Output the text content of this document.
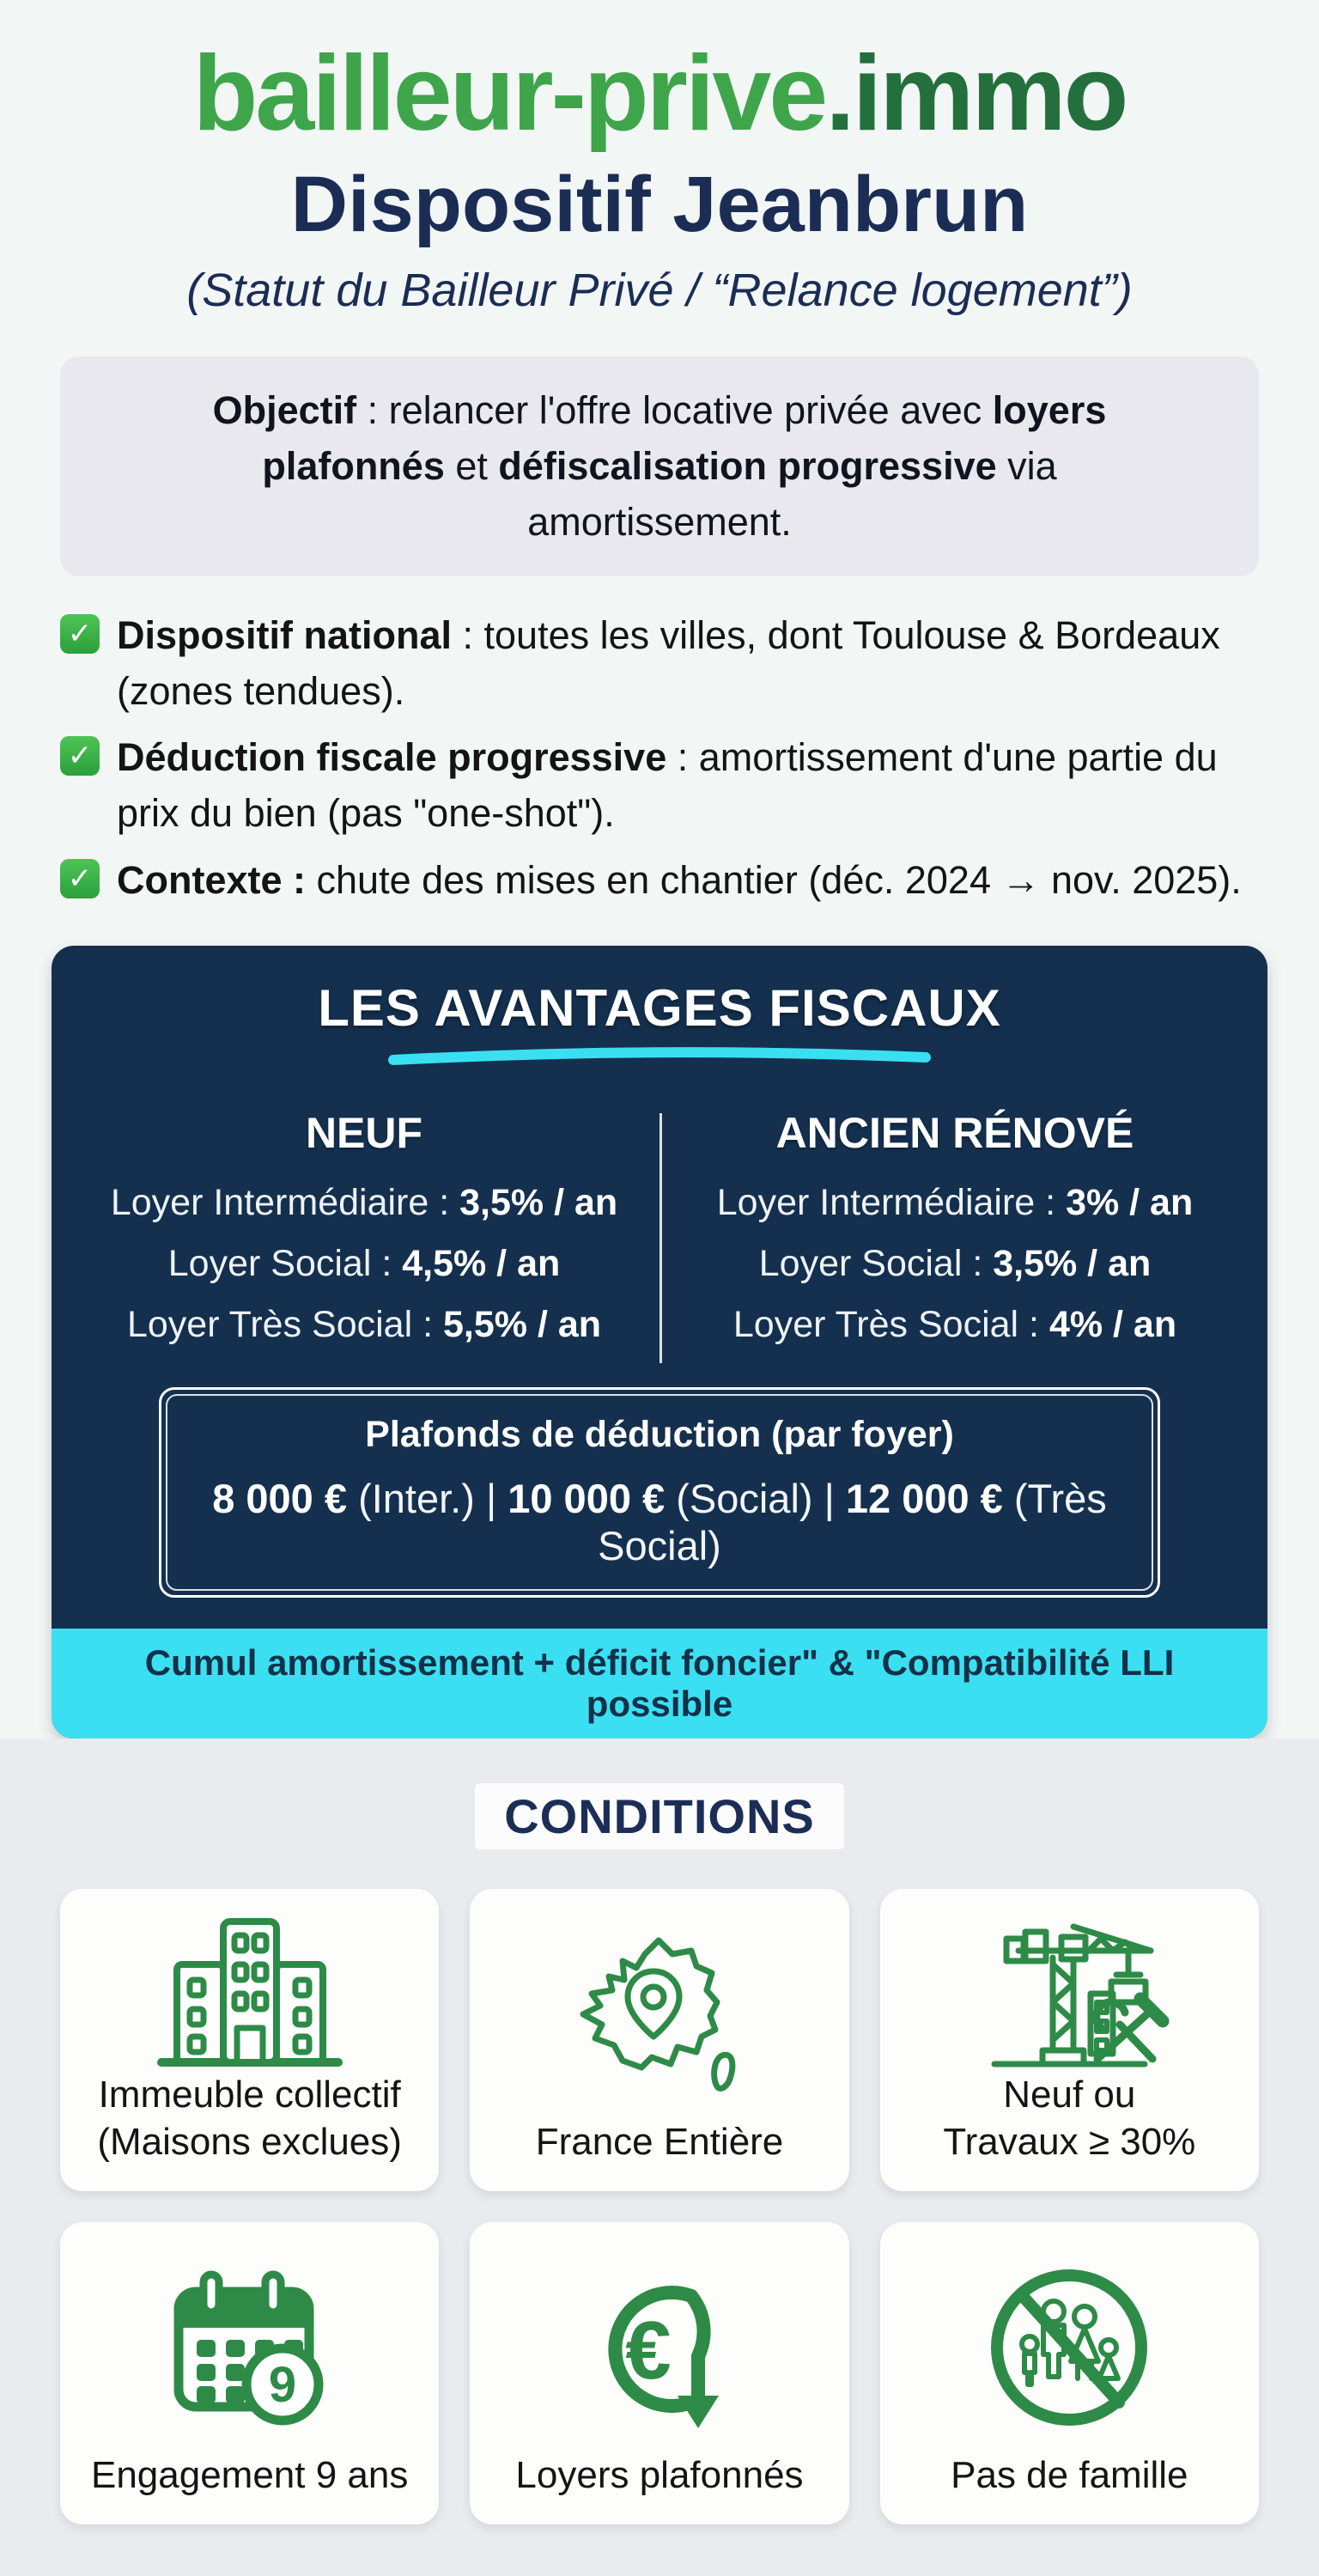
bailleur-prive.immo
Dispositif Jeanbrun
(Statut du Bailleur Privé / “Relance logement”)
Objectif : relancer l'offre locative privée avec loyers plafonnés et défiscalisation progressive via amortissement.
✓ Dispositif national : toutes les villes, dont Toulouse & Bordeaux (zones tendues).
✓ Déduction fiscale progressive : amortissement d'une partie du prix du bien (pas "one-shot").
✓ Contexte : chute des mises en chantier (déc. 2024 → nov. 2025).
LES AVANTAGES FISCAUX
NEUF
Loyer Intermédiaire : 3,5% / an
Loyer Social : 4,5% / an
Loyer Très Social : 5,5% / an
ANCIEN RÉNOVÉ
Loyer Intermédiaire : 3% / an
Loyer Social : 3,5% / an
Loyer Très Social : 4% / an
Plafonds de déduction (par foyer)
8 000 € (Inter.) | 10 000 € (Social) | 12 000 € (Très Social)
Cumul amortissement + déficit foncier" & "Compatibilité LLI possible
CONDITIONS
Immeuble collectif
(Maisons exclues)	France Entière
Neuf ou
Travaux ≥ 30%
9
Engagement 9 ans
€
Loyers plafonnés	Pas de famille
